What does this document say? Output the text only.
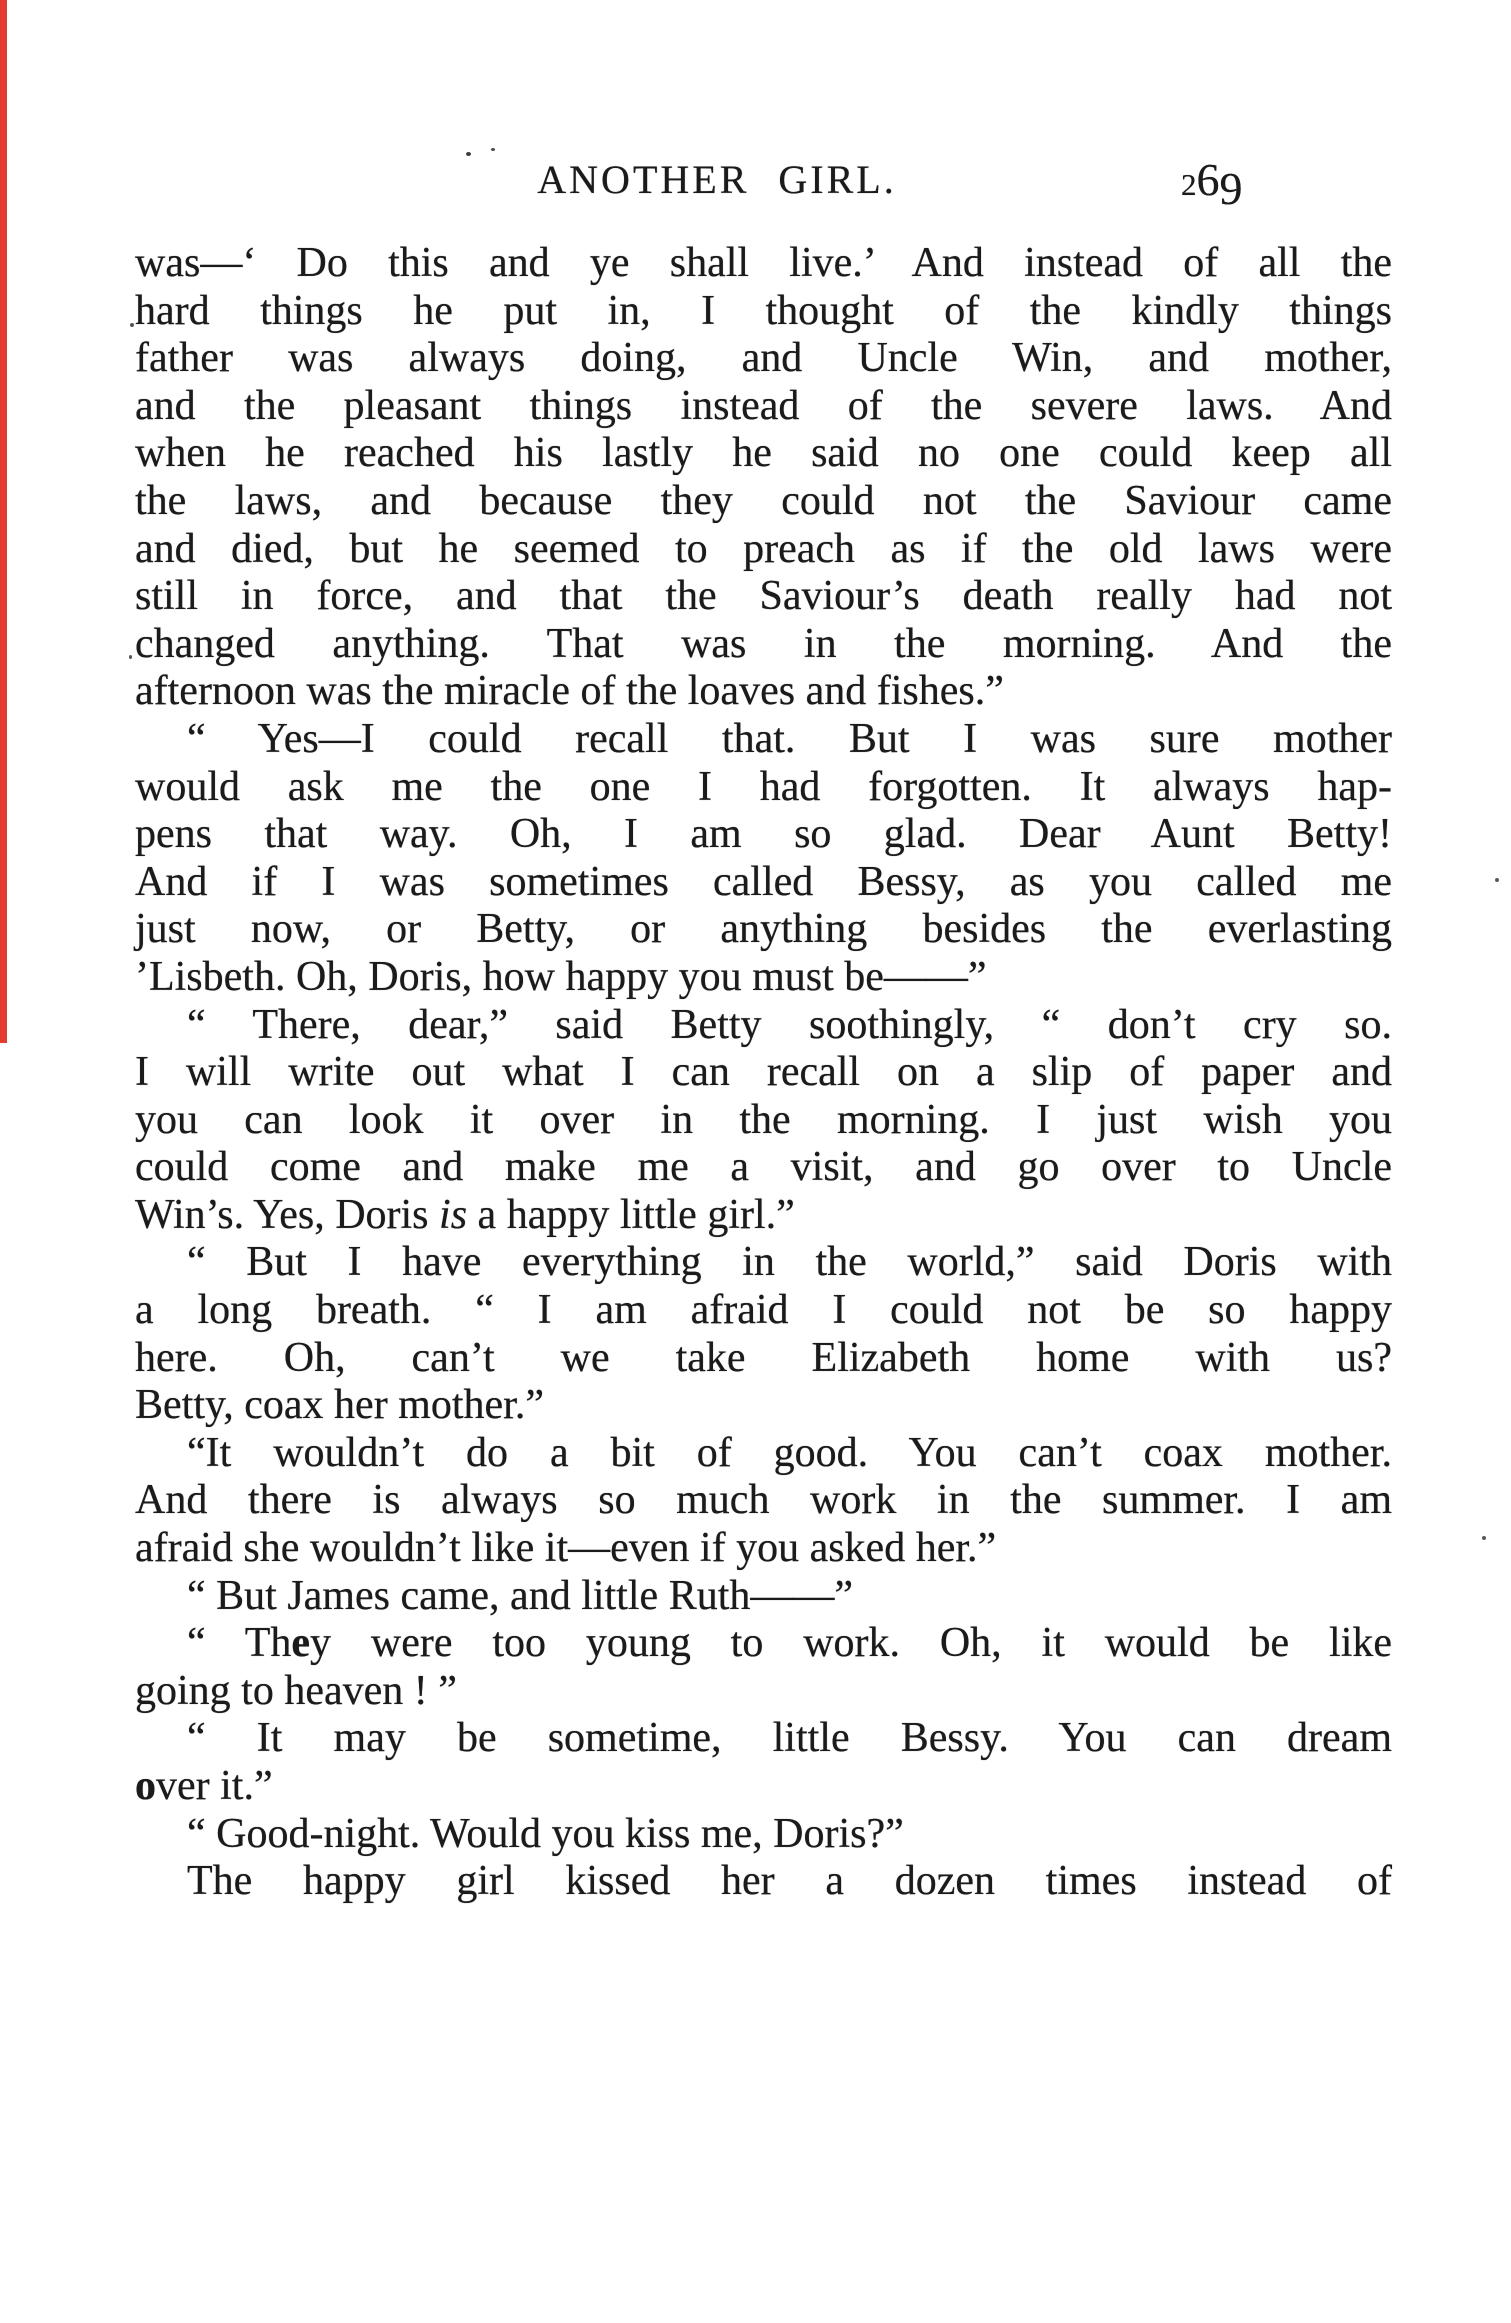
ANOTHER GIRL.	269
was—‘ Do this and ye shall live.’ And instead of all the
hard things he put in, I thought of the kindly things
father was always doing, and Uncle Win, and mother,
and the pleasant things instead of the severe laws. And
when he reached his lastly he said no one could keep all
the laws, and because they could not the Saviour came
and died, but he seemed to preach as if the old laws were
still in force, and that the Saviour’s death really had not
changed anything. That was in the morning. And the
afternoon was the miracle of the loaves and fishes.”
“ Yes—I could recall that. But I was sure mother
would ask me the one I had forgotten. It always hap-
pens that way. Oh, I am so glad. Dear Aunt Betty!
And if I was sometimes called Bessy, as you called me
just now, or Betty, or anything besides the everlasting
’Lisbeth. Oh, Doris, how happy you must be——”
“ There, dear,” said Betty soothingly, “ don’t cry so.
I will write out what I can recall on a slip of paper and
you can look it over in the morning. I just wish you
could come and make me a visit, and go over to Uncle
Win’s. Yes, Doris is a happy little girl.”
“ But I have everything in the world,” said Doris with
a long breath. “ I am afraid I could not be so happy
here. Oh, can’t we take Elizabeth home with us?
Betty, coax her mother.”
“It wouldn’t do a bit of good. You can’t coax mother.
And there is always so much work in the summer. I am
afraid she wouldn’t like it—even if you asked her.”
“ But James came, and little Ruth——”
“ They were too young to work. Oh, it would be like
going to heaven ! ”
“ It may be sometime, little Bessy. You can dream
over it.”
“ Good-night. Would you kiss me, Doris?”
The happy girl kissed her a dozen times instead of
